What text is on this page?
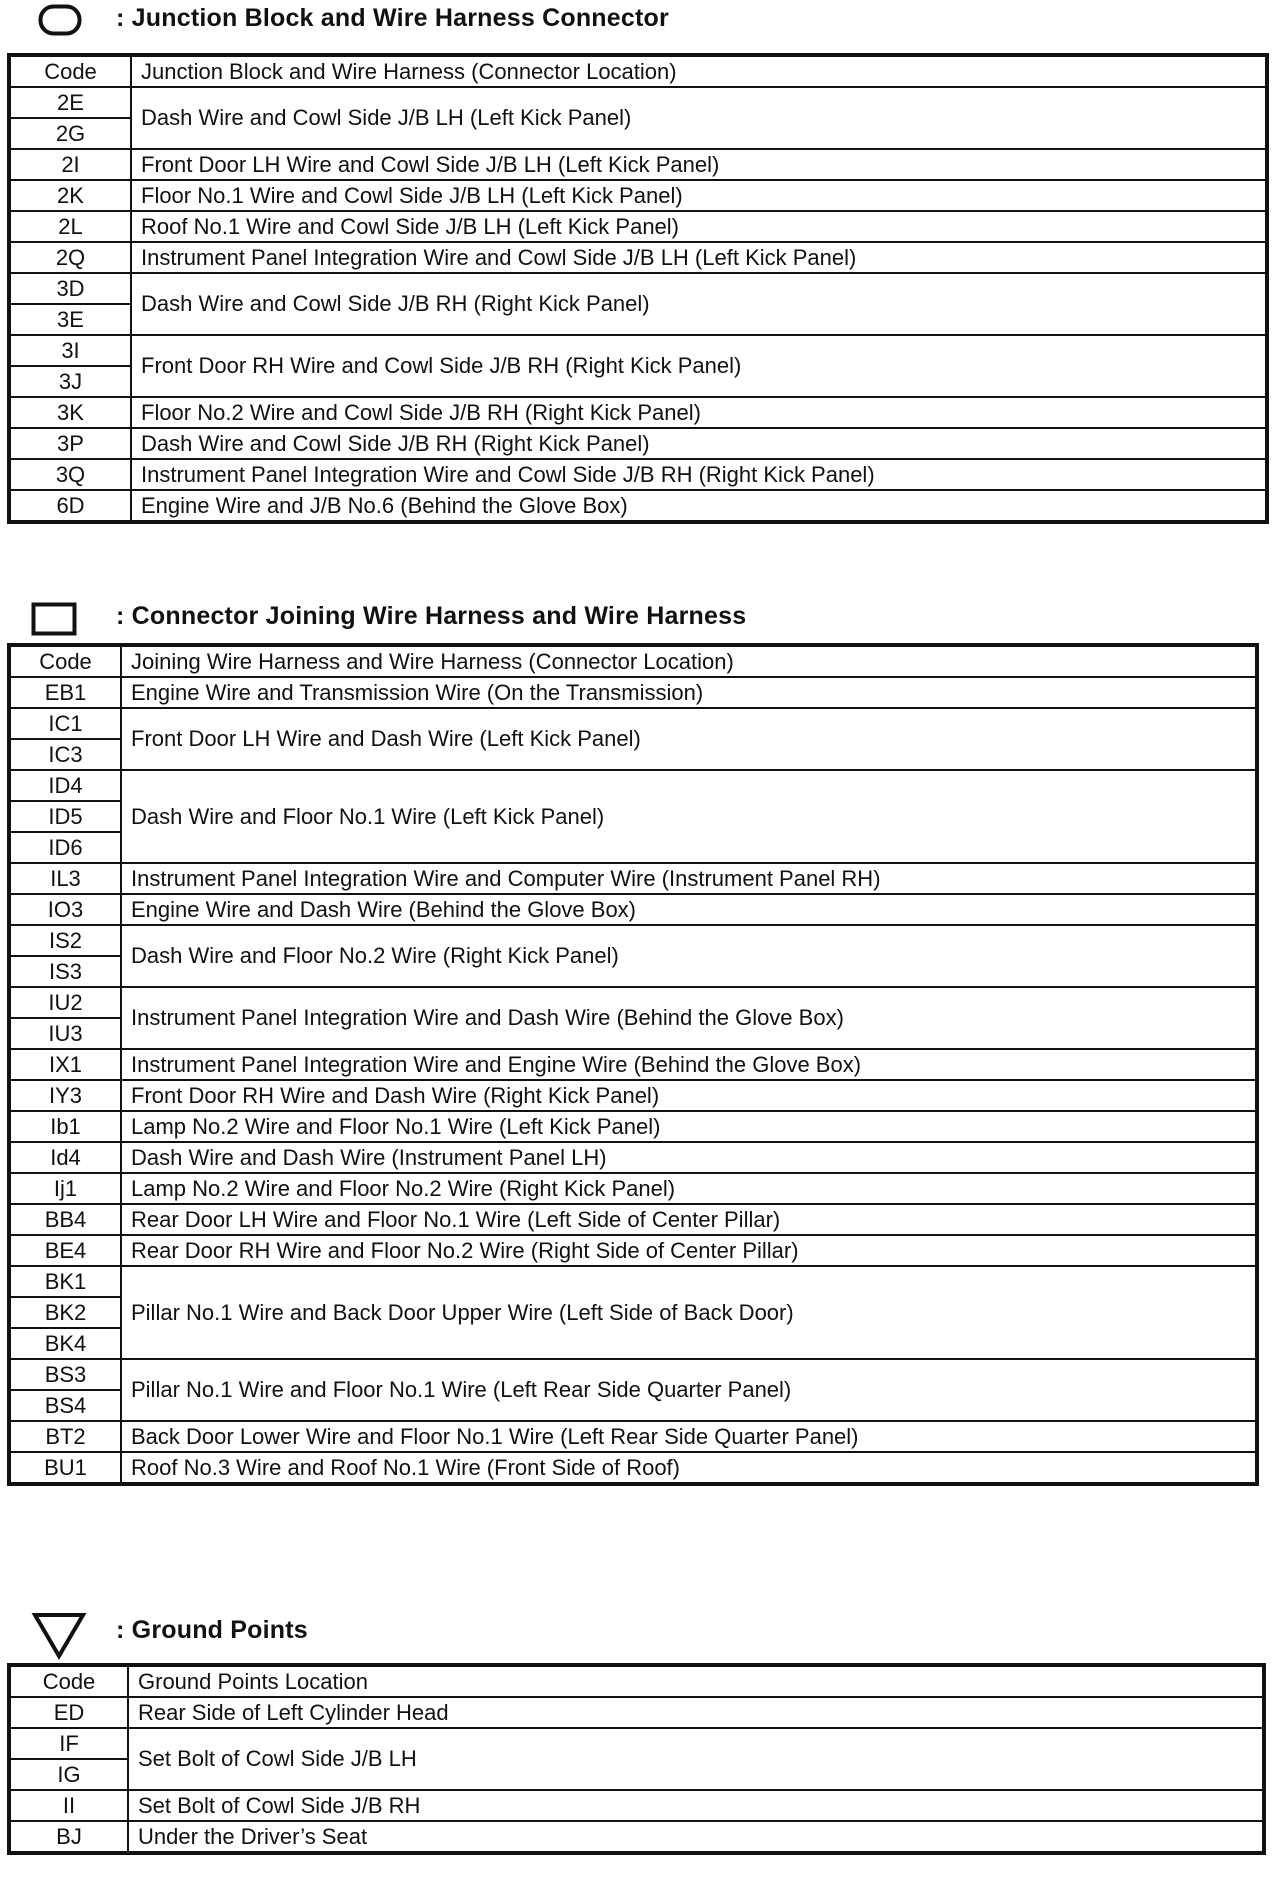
: Junction Block and Wire Harness Connector
Code	Junction Block and Wire Harness (Connector Location)
2E	Dash Wire and Cowl Side J/B LH (Left Kick Panel)
2G	
2I	Front Door LH Wire and Cowl Side J/B LH (Left Kick Panel)
2K	Floor No.1 Wire and Cowl Side J/B LH (Left Kick Panel)
2L	Roof No.1 Wire and Cowl Side J/B LH (Left Kick Panel)
2Q	Instrument Panel Integration Wire and Cowl Side J/B LH (Left Kick Panel)
3D	Dash Wire and Cowl Side J/B RH (Right Kick Panel)
3E	
3I	Front Door RH Wire and Cowl Side J/B RH (Right Kick Panel)
3J	
3K	Floor No.2 Wire and Cowl Side J/B RH (Right Kick Panel)
3P	Dash Wire and Cowl Side J/B RH (Right Kick Panel)
3Q	Instrument Panel Integration Wire and Cowl Side J/B RH (Right Kick Panel)
6D	Engine Wire and J/B No.6 (Behind the Glove Box)
: Connector Joining Wire Harness and Wire Harness
Code	Joining Wire Harness and Wire Harness (Connector Location)
EB1	Engine Wire and Transmission Wire (On the Transmission)
IC1	Front Door LH Wire and Dash Wire (Left Kick Panel)
IC3	
ID4	Dash Wire and Floor No.1 Wire (Left Kick Panel)
ID5	
ID6	
IL3	Instrument Panel Integration Wire and Computer Wire (Instrument Panel RH)
IO3	Engine Wire and Dash Wire (Behind the Glove Box)
IS2	Dash Wire and Floor No.2 Wire (Right Kick Panel)
IS3	
IU2	Instrument Panel Integration Wire and Dash Wire (Behind the Glove Box)
IU3	
IX1	Instrument Panel Integration Wire and Engine Wire (Behind the Glove Box)
IY3	Front Door RH Wire and Dash Wire (Right Kick Panel)
Ib1	Lamp No.2 Wire and Floor No.1 Wire (Left Kick Panel)
Id4	Dash Wire and Dash Wire (Instrument Panel LH)
Ij1	Lamp No.2 Wire and Floor No.2 Wire (Right Kick Panel)
BB4	Rear Door LH Wire and Floor No.1 Wire (Left Side of Center Pillar)
BE4	Rear Door RH Wire and Floor No.2 Wire (Right Side of Center Pillar)
BK1	Pillar No.1 Wire and Back Door Upper Wire (Left Side of Back Door)
BK2	
BK4	
BS3	Pillar No.1 Wire and Floor No.1 Wire (Left Rear Side Quarter Panel)
BS4	
BT2	Back Door Lower Wire and Floor No.1 Wire (Left Rear Side Quarter Panel)
BU1	Roof No.3 Wire and Roof No.1 Wire (Front Side of Roof)
: Ground Points
Code	Ground Points Location
ED	Rear Side of Left Cylinder Head
IF	Set Bolt of Cowl Side J/B LH
IG	
II	Set Bolt of Cowl Side J/B RH
BJ	Under the Driver’s Seat
